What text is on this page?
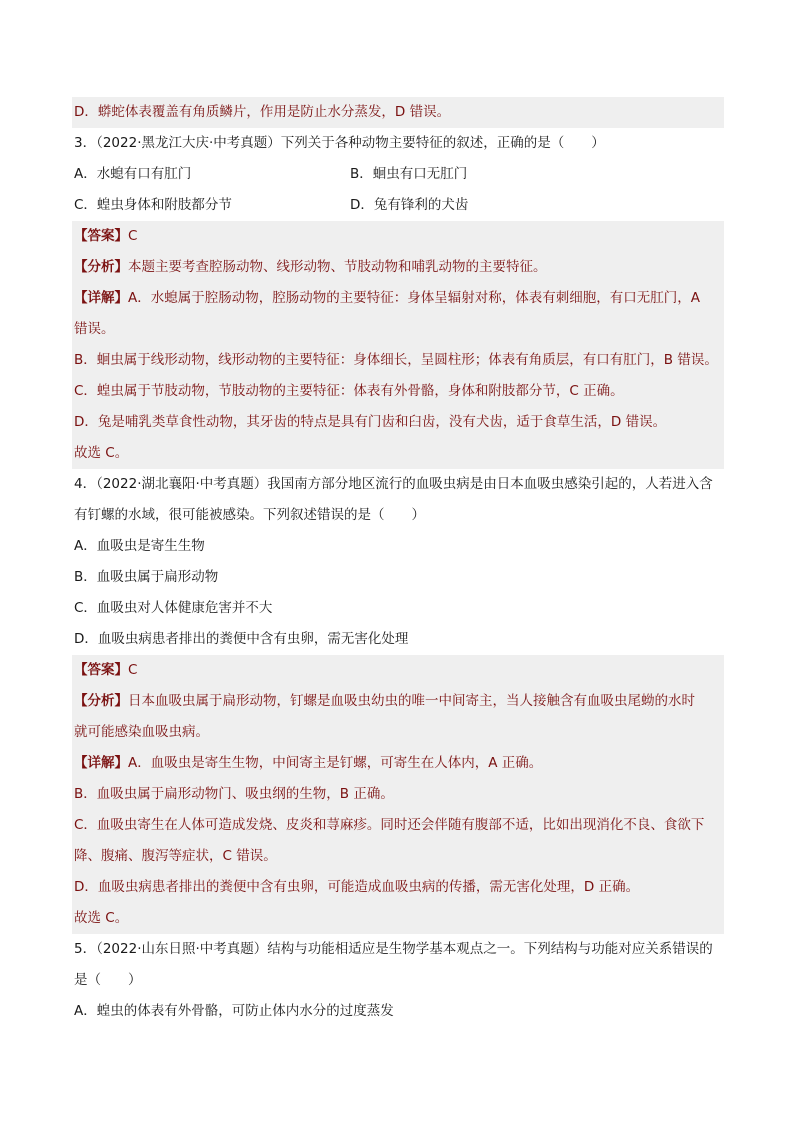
D．蟒蛇体表覆盖有角质鳞片，作用是防止水分蒸发，D 错误。
3．（2022·黑龙江大庆·中考真题）下列关于各种动物主要特征的叙述，正确的是（　　）
A．水螅有口有肛门	B．蛔虫有口无肛门
C．蝗虫身体和附肢都分节	D．兔有锋利的犬齿
【答案】C
【分析】本题主要考查腔肠动物、线形动物、节肢动物和哺乳动物的主要特征。
【详解】A．水螅属于腔肠动物，腔肠动物的主要特征：身体呈辐射对称，体表有刺细胞，有口无肛门，A
错误。
B．蛔虫属于线形动物，线形动物的主要特征：身体细长，呈圆柱形；体表有角质层，有口有肛门，B 错误。
C．蝗虫属于节肢动物，节肢动物的主要特征：体表有外骨骼，身体和附肢都分节，C 正确。
D．兔是哺乳类草食性动物，其牙齿的特点是具有门齿和臼齿，没有犬齿，适于食草生活，D 错误。
故选 C。
4．（2022·湖北襄阳·中考真题）我国南方部分地区流行的血吸虫病是由日本血吸虫感染引起的，人若进入含
有钉螺的水域，很可能被感染。下列叙述错误的是（　　）
A．血吸虫是寄生生物
B．血吸虫属于扁形动物
C．血吸虫对人体健康危害并不大
D．血吸虫病患者排出的粪便中含有虫卵，需无害化处理
【答案】C
【分析】日本血吸虫属于扁形动物，钉螺是血吸虫幼虫的唯一中间寄主，当人接触含有血吸虫尾蚴的水时
就可能感染血吸虫病。
【详解】A．血吸虫是寄生生物，中间寄主是钉螺，可寄生在人体内，A 正确。
B．血吸虫属于扁形动物门、吸虫纲的生物，B 正确。
C．血吸虫寄生在人体可造成发烧、皮炎和荨麻疹。同时还会伴随有腹部不适，比如出现消化不良、食欲下
降、腹痛、腹泻等症状，C 错误。
D．血吸虫病患者排出的粪便中含有虫卵，可能造成血吸虫病的传播，需无害化处理，D 正确。
故选 C。
5．（2022·山东日照·中考真题）结构与功能相适应是生物学基本观点之一。下列结构与功能对应关系错误的
是（　　）
A．蝗虫的体表有外骨骼，可防止体内水分的过度蒸发
